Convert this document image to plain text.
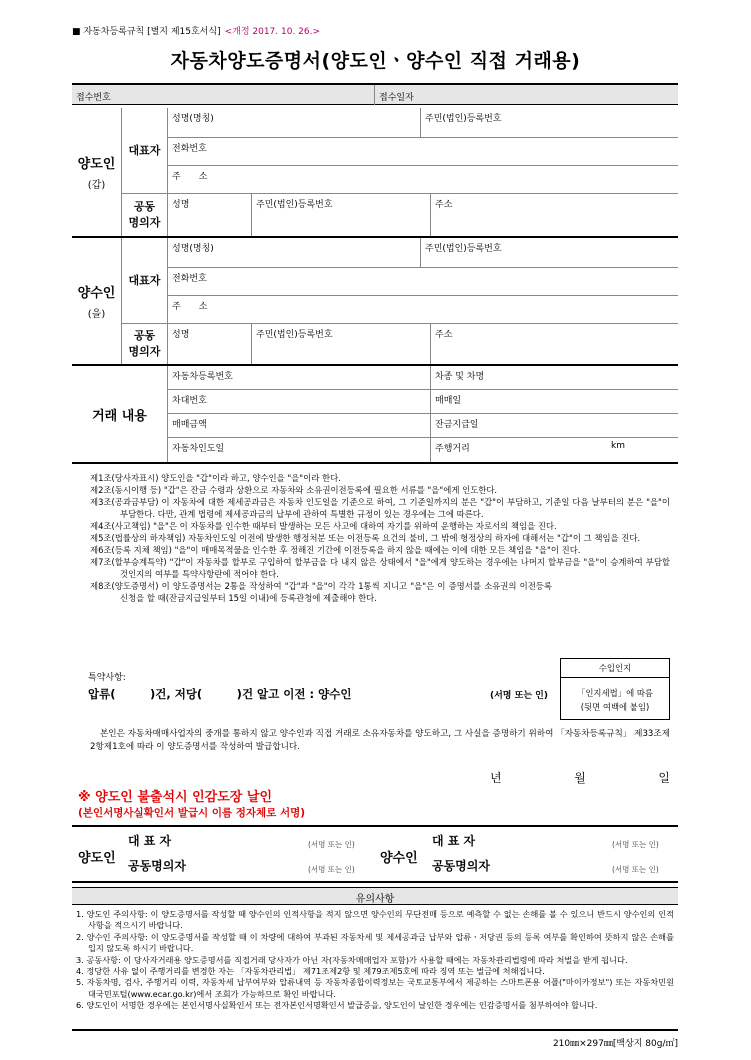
■ 자동차등록규칙 [별지 제15호서식] <개정 2017. 10. 26.>
자동차양도증명서(양도인ㆍ양수인 직접 거래용)
접수번호	접수일자
양도인
(갑)
대표자
성명(명칭)	주민(법인)등록번호
전화번호
주　　소
공동
명의자
성명	주민(법인)등록번호	주소
양수인
(을)
대표자
성명(명칭)	주민(법인)등록번호
전화번호
주　　소
공동
명의자
성명	주민(법인)등록번호	주소
거래 내용
자동차등록번호	차종 및 차명
차대번호	매매일
매매금액	잔금지급일
자동차인도일	주행거리	km

제1조(당사자표시) 양도인을 "갑"이라 하고, 양수인을 "을"이라 한다.

제2조(동시이행 등) "갑"은 잔금 수령과 상환으로 자동차와 소유권이전등록에 필요한 서류를 "을"에게 인도한다.

제3조(공과금부담) 이 자동차에 대한 제세공과금은 자동차 인도일을 기준으로 하여, 그 기준일까지의 분은 "갑"이 부담하고, 기준일 다음 날부터의 분은 "을"이 부담한다. 다만, 관계 법령에 제세공과금의 납부에 관하여 특별한 규정이 있는 경우에는 그에 따른다.

제4조(사고책임) "을"은 이 자동차를 인수한 때부터 발생하는 모든 사고에 대하여 자기를 위하여 운행하는 자로서의 책임을 진다.

제5조(법률상의 하자책임) 자동차인도일 이전에 발생한 행정처분 또는 이전등록 요건의 불비, 그 밖에 형정상의 하자에 대해서는 "갑"이 그 책임을 진다.

제6조(등록 지체 책임) "을"이 매매목적물을 인수한 후 정해진 기간에 이전등록을 하지 않을 때에는 이에 대한 모든 책임을 "을"이 진다.

제7조(할부승계특약) "갑"이 자동차를 할부로 구입하여 할부금을 다 내지 않은 상태에서 "을"에게 양도하는 경우에는 나머지 할부금을 "을"이 승계하여 부담할 것인지의 여부를 특약사항란에 적어야 한다.

제8조(양도증명서) 이 양도증명서는 2통을 작성하여 "갑"과 "을"이 각각 1통씩 지니고 "을"은 이 증명서를 소유권의 이전등록 신청을 할 때(잔금지급일부터 15일 이내)에 등록관청에 제출해야 한다.

특약사항:
압류(　　　)건, 저당(　　　)건 알고 이전 : 양수인	(서명 또는 인)
수입인지
「인지세법」에 따름
(뒷면 여백에 붙임)
본인은 자동차매매사업자의 중개를 통하지 않고 양수인과 직접 거래로 소유자동차를 양도하고, 그 사실을 증명하기 위하여 「자동차등록규칙」 제33조제2항제1호에 따라 이 양도증명서를 작성하여 발급합니다.
년	월	일
※ 양도인 불출석시 인감도장 날인
(본인서명사실확인서 발급시 이름 정자체로 서명)
양도인
대 표 자
공동명의자
(서명 또는 인)
(서명 또는 인)
양수인
대 표 자
공동명의자
(서명 또는 인)
(서명 또는 인)
유의사항

1. 양도인 주의사항: 이 양도증명서를 작성할 때 양수인의 인적사항을 적지 않으면 양수인의 무단전매 등으로 예측할 수 없는 손해를 볼 수 있으니 반드시 양수인의 인적사항을 적으시기 바랍니다.

2. 양수인 주의사항: 이 양도증명서를 작성할 때 이 차량에 대하여 부과된 자동차세 및 제세공과금 납부와 압류ㆍ저당권 등의 등록 여부를 확인하여 뜻하지 않은 손해를 입지 않도록 하시기 바랍니다.

3. 공동사항: 이 당사자거래용 양도증명서를 직접거래 당사자가 아닌 자(자동차매매업자 포함)가 사용할 때에는 자동차관리법령에 따라 처벌을 받게 됩니다.

4. 정당한 사유 없이 주행거리를 변경한 자는 「자동차관리법」 제71조제2항 및 제79조제5호에 따라 징역 또는 벌금에 처해집니다.

5. 자동차명, 검사, 주행거리 이력, 자동차세 납부여부와 압류내역 등 자동차종합이력정보는 국토교통부에서 제공하는 스마트폰용 어플("마이카정보") 또는 자동차민원대국민포털(www.ecar.go.kr)에서 조회가 가능하므로 확인 바랍니다.

6. 양도인이 서명한 경우에는 본인서명사실확인서 또는 전자본인서명확인서 발급증을, 양도인이 날인한 경우에는 인감증명서를 첨부하여야 합니다.

210㎜×297㎜[백상지 80g/㎡]
